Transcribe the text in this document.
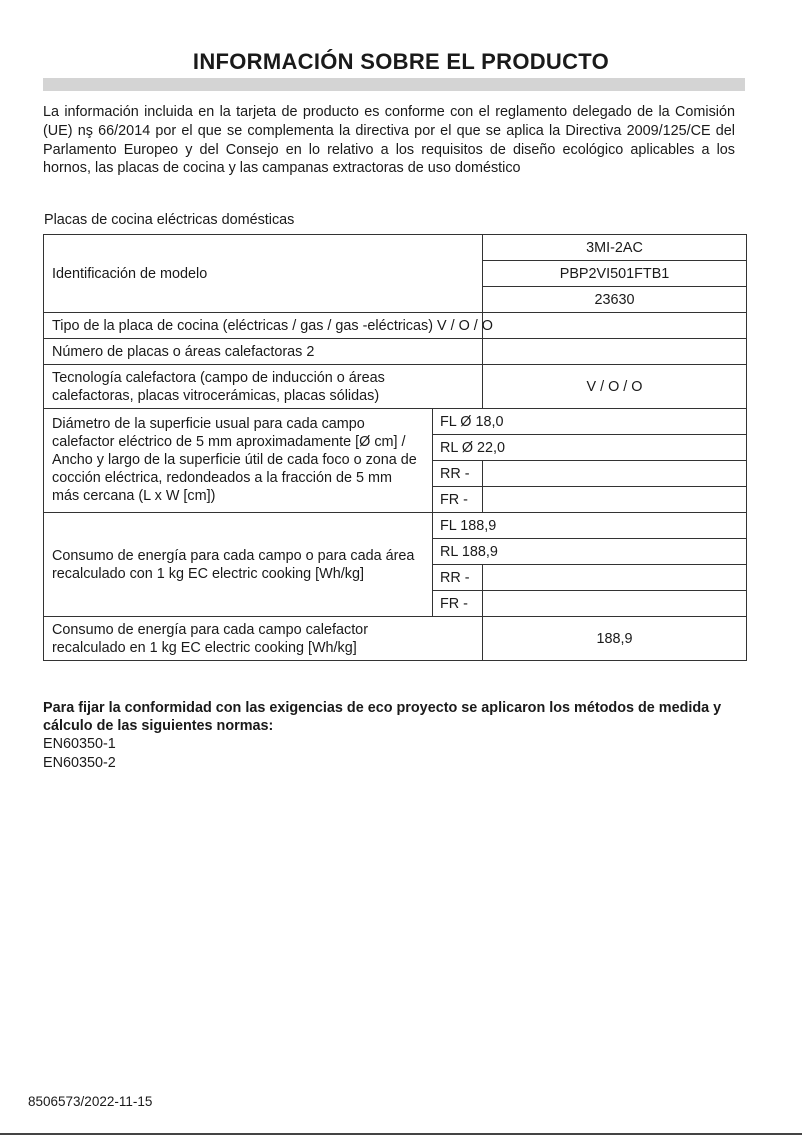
INFORMACIÓN SOBRE EL PRODUCTO

La información incluida en la tarjeta de producto es conforme con el reglamento delegado de la Comisión (UE) nş 66/2014 por el que se complementa la directiva por el que se aplica la Directiva 2009/125/CE del Parlamento Europeo y del Consejo en lo relativo a los requisitos de diseño ecológico aplicables a los hornos, las placas de cocina y las campanas extractoras de uso doméstico

Placas de cocina eléctricas domésticas

Identificación de modelo		3MI-2AC
		PBP2VI501FTB1
		23630
Tipo de la placa de cocina (eléctricas / gas / gas -eléctricas) V / O / O		
Número de placas o áreas calefactoras 2		
Tecnología calefactora (campo de inducción o áreas calefactoras, placas vitrocerámicas, placas sólidas)		V / O / O
Diámetro de la superficie usual para cada campo calefactor eléctrico de 5 mm aproximadamente [Ø cm] / Ancho y largo de la superficie útil de cada foco o zona de cocción eléctrica, redondeados a la fracción de 5 mm más cercana (L x W [cm])	FL Ø 18,0	
	RL Ø 22,0	
	RR -	
	FR -	
Consumo de energía para cada campo o para cada área recalculado con 1 kg EC electric cooking [Wh/kg]	FL 188,9	
	RL 188,9	
	RR -	
	FR -	
Consumo de energía para cada campo calefactor recalculado en 1 kg EC electric cooking [Wh/kg]		188,9

Para fijar la conformidad con las exigencias de eco proyecto se aplicaron los métodos de medida y cálculo de las siguientes normas:

EN60350-1

EN60350-2

8506573/2022-11-15
